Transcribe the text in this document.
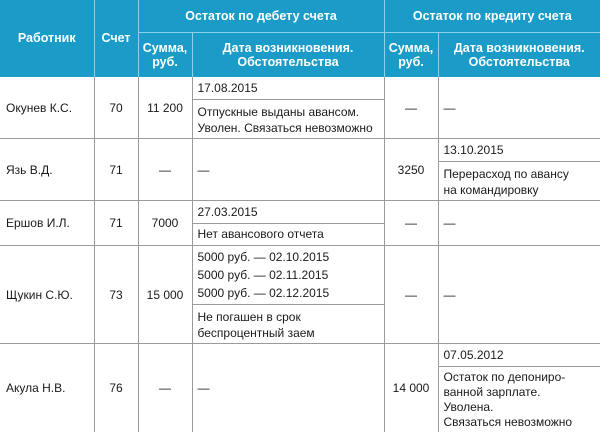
Работник	Счет	Остаток по дебету счета		Остаток по кредиту счета	

		Сумма,
руб.	Дата возникновения.
Обстоятельства	Сумма,
руб.	Дата возникновения.
Обстоятельства

Окунев К.С.	70	11 200	17.08.2015
Отпускные выданы авансом.
Уволен. Связаться невозможно	—	—
Язь В.Д.	71	—	—	3250	13.10.2015
Перерасход по авансу
на командировку

Ершов И.Л.	71	7000	27.03.2015
Нет авансового отчета	—	—
Щукин С.Ю.	73	15 000	5000 руб. — 02.10.2015
5000 руб. — 02.11.2015
5000 руб. — 02.12.2015
Не погашен в срок
беспроцентный заем	—	—
Акула Н.В.	76	—	—	14 000	07.05.2012
Остаток по депониро-
ванной зарплате.
Уволена.
Связаться невозможно
